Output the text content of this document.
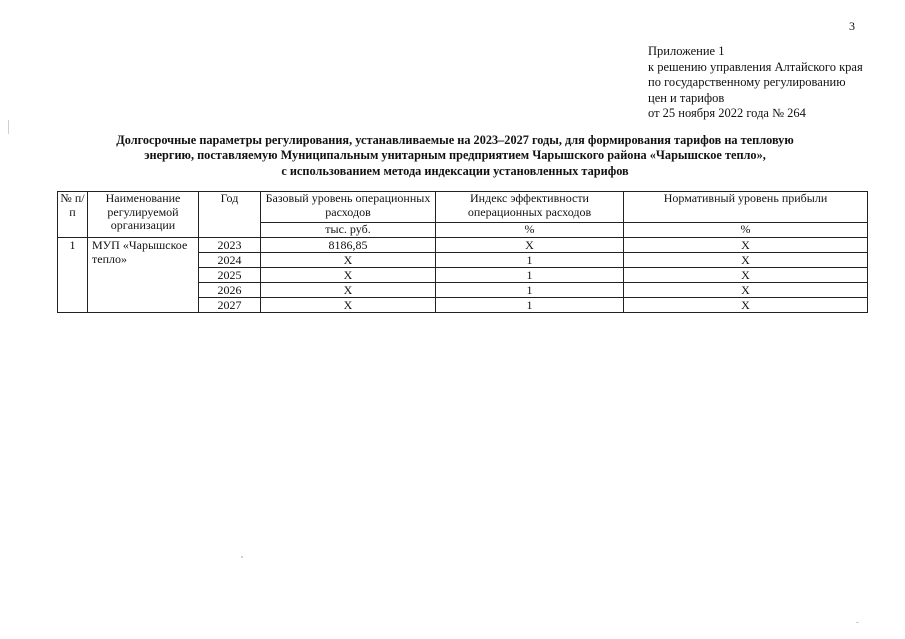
3
Приложение 1
к решению управления Алтайского края
по государственному регулированию
цен и тарифов
от 25 ноября 2022 года № 264
Долгосрочные параметры регулирования, устанавливаемые на 2023–2027 годы, для формирования тарифов на тепловую
энергию, поставляемую Муниципальным унитарным предприятием Чарышского района «Чарышское тепло»,
с использованием метода индексации установленных тарифов
№ п/п	Наименование регулируемой организации	Год	Базовый уровень операционных расходов	Индекс эффективности операционных расходов	Нормативный уровень прибыли
			тыс. руб.	%	%
1	МУП «Чарышское тепло»	2023	8186,85	X	X
		2024	X	1	X
		2025	X	1	X
		2026	X	1	X
		2027	X	1	X
